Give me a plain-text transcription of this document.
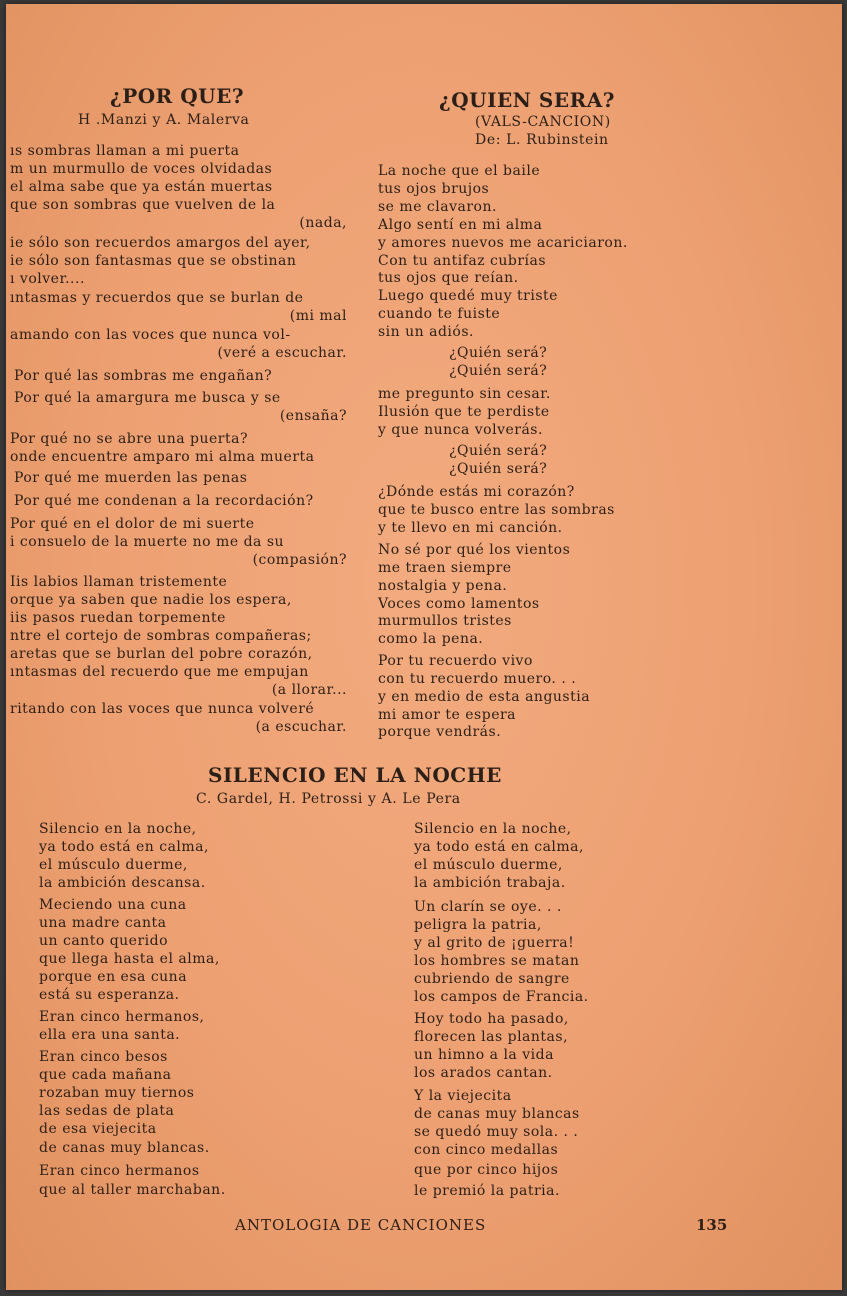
¿POR QUE?
H .Manzi y A. Malerva
ıs sombras llaman a mi puerta
m un murmullo de voces olvidadas
el alma sabe que ya están muertas
que son sombras que vuelven de la
(nada,
ie sólo son recuerdos amargos del ayer,
ie sólo son fantasmas que se obstinan
ı volver....
ıntasmas y recuerdos que se burlan de
(mi mal
amando con las voces que nunca vol-
(veré a escuchar.
Por qué las sombras me engañan?
Por qué la amargura me busca y se
(ensaña?
Por qué no se abre una puerta?
onde encuentre amparo mi alma muerta
Por qué me muerden las penas
Por qué me condenan a la recordación?
Por qué en el dolor de mi suerte
i consuelo de la muerte no me da su
(compasión?
Iis labios llaman tristemente
orque ya saben que nadie los espera,
iis pasos ruedan torpemente
ntre el cortejo de sombras compañeras;
aretas que se burlan del pobre corazón,
ıntasmas del recuerdo que me empujan
(a llorar...
ritando con las voces que nunca volveré
(a escuchar.
¿QUIEN SERA?
(VALS-CANCION)
De: L. Rubinstein
La noche que el baile
tus ojos brujos
se me clavaron.
Algo sentí en mi alma
y amores nuevos me acariciaron.
Con tu antifaz cubrías
tus ojos que reían.
Luego quedé muy triste
cuando te fuiste
sin un adiós.
¿Quién será?
¿Quién será?
me pregunto sin cesar.
Ilusión que te perdiste
y que nunca volverás.
¿Quién será?
¿Quién será?
¿Dónde estás mi corazón?
que te busco entre las sombras
y te llevo en mi canción.
No sé por qué los vientos
me traen siempre
nostalgia y pena.
Voces como lamentos
murmullos tristes
como la pena.
Por tu recuerdo vivo
con tu recuerdo muero. . .
y en medio de esta angustia
mi amor te espera
porque vendrás.
SILENCIO EN LA NOCHE
C. Gardel, H. Petrossi y A. Le Pera
Silencio en la noche,
ya todo está en calma,
el músculo duerme,
la ambición descansa.
Meciendo una cuna
una madre canta
un canto querido
que llega hasta el alma,
porque en esa cuna
está su esperanza.
Eran cinco hermanos,
ella era una santa.
Eran cinco besos
que cada mañana
rozaban muy tiernos
las sedas de plata
de esa viejecita
de canas muy blancas.
Eran cinco hermanos
que al taller marchaban.
Silencio en la noche,
ya todo está en calma,
el músculo duerme,
la ambición trabaja.
Un clarín se oye. . .
peligra la patria,
y al grito de ¡guerra!
los hombres se matan
cubriendo de sangre
los campos de Francia.
Hoy todo ha pasado,
florecen las plantas,
un himno a la vida
los arados cantan.
Y la viejecita
de canas muy blancas
se quedó muy sola. . .
con cinco medallas
que por cinco hijos
le premió la patria.
ANTOLOGIA DE CANCIONES	135
